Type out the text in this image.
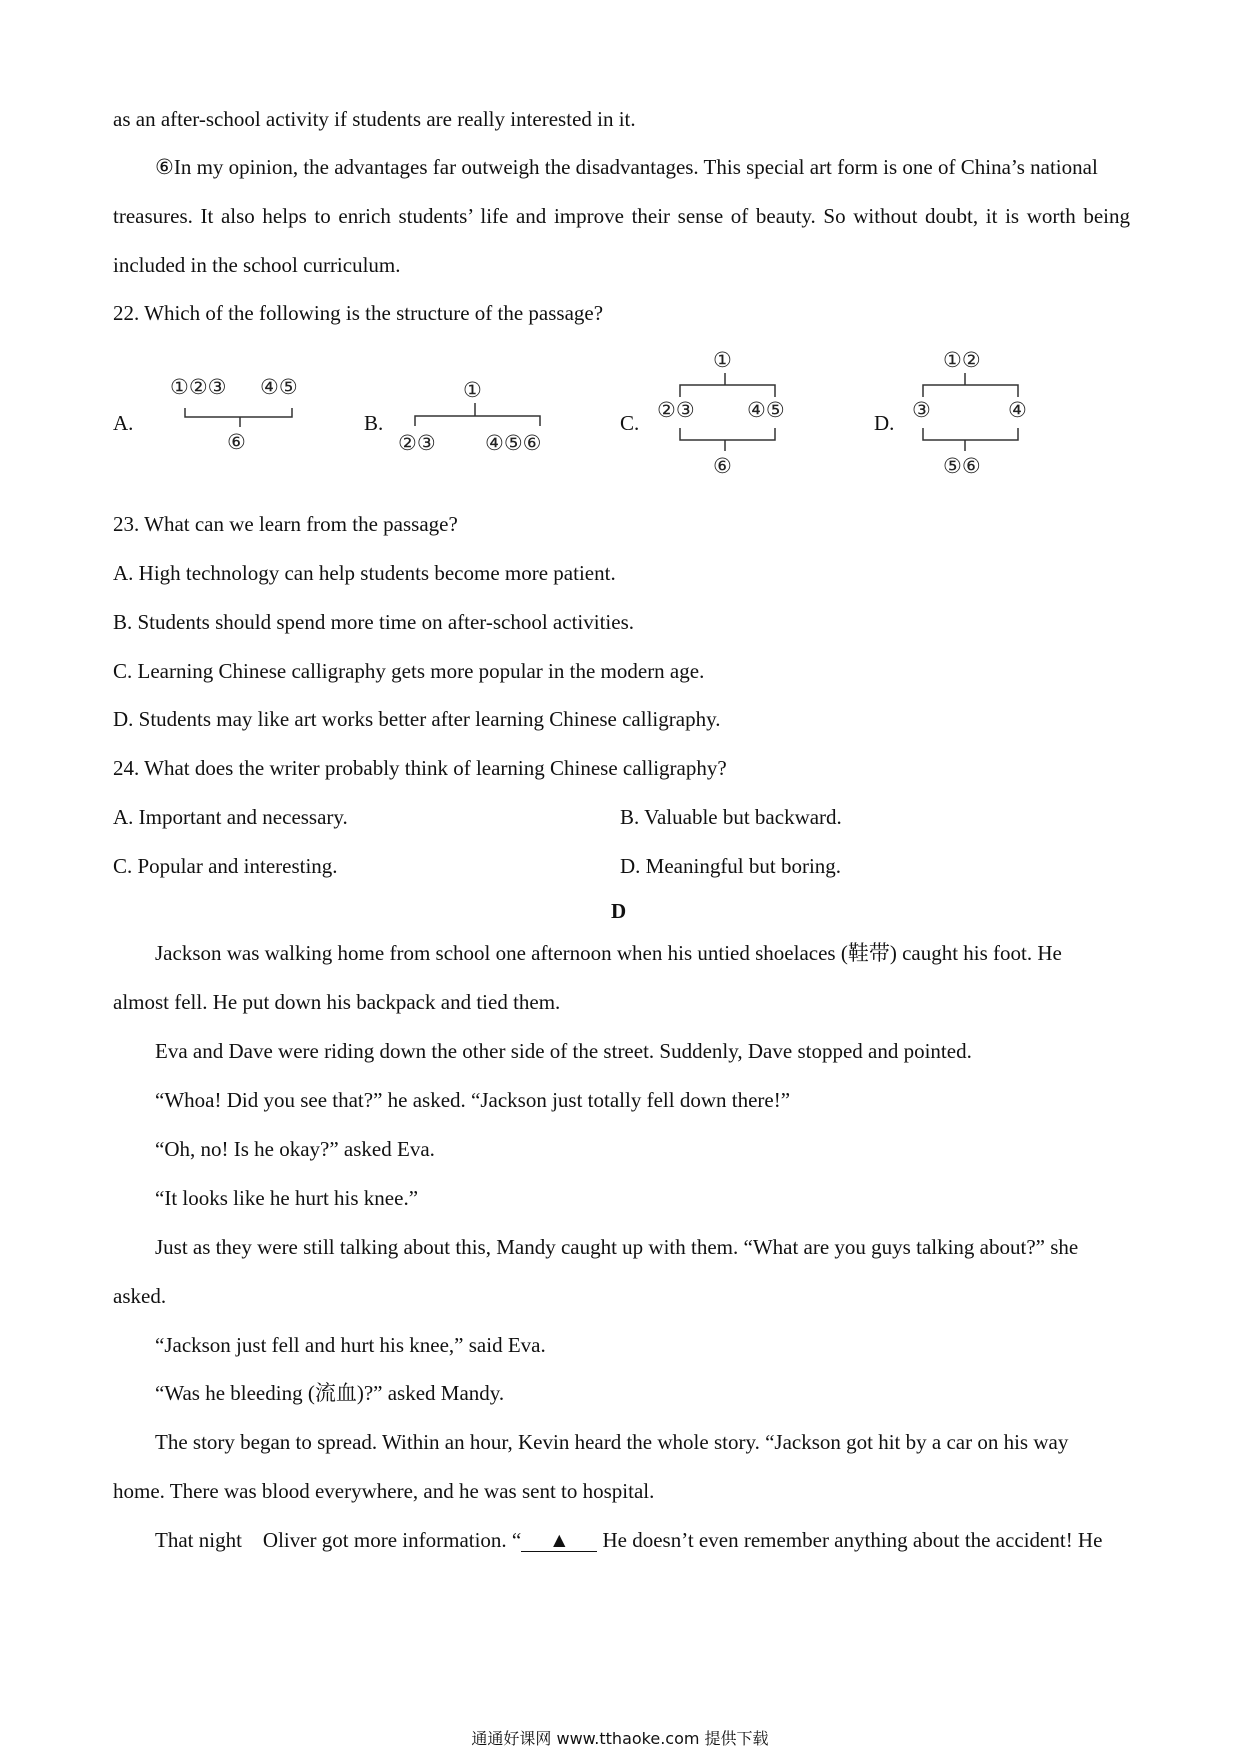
as an after-school activity if students are really interested in it.
⑥In my opinion, the advantages far outweigh the disadvantages. This special art form is one of China’s national
treasures. It also helps to enrich students’ life and improve their sense of beauty. So without doubt, it is worth being
included in the school curriculum.
22. Which of the following is the structure of the passage?
A.
①②③ ④⑤
⑥
B.
①
②③ ④⑤⑥
C.
①
②③ ④⑤
⑥
D.
①②
③	④
⑤⑥
23. What can we learn from the passage?
A. High technology can help students become more patient.
B. Students should spend more time on after-school activities.
C. Learning Chinese calligraphy gets more popular in the modern age.
D. Students may like art works better after learning Chinese calligraphy.
24. What does the writer probably think of learning Chinese calligraphy?
A. Important and necessary.	B. Valuable but backward.
C. Popular and interesting.	D. Meaningful but boring.
D
Jackson was walking home from school one afternoon when his untied shoelaces (鞋带) caught his foot. He
almost fell. He put down his backpack and tied them.
Eva and Dave were riding down the other side of the street. Suddenly, Dave stopped and pointed.
“Whoa! Did you see that?” he asked. “Jackson just totally fell down there!”
“Oh, no! Is he okay?” asked Eva.
“It looks like he hurt his knee.”
Just as they were still talking about this, Mandy caught up with them. “What are you guys talking about?” she
asked.
“Jackson just fell and hurt his knee,” said Eva.
“Was he bleeding (流血)?” asked Mandy.
The story began to spread. Within an hour, Kevin heard the whole story. “Jackson got hit by a car on his way
home. There was blood everywhere, and he was sent to hospital.
That night    Oliver got more information. “ ▲ He doesn’t even remember anything about the accident! He
通通好课网 www.tthaoke.com 提供下载
